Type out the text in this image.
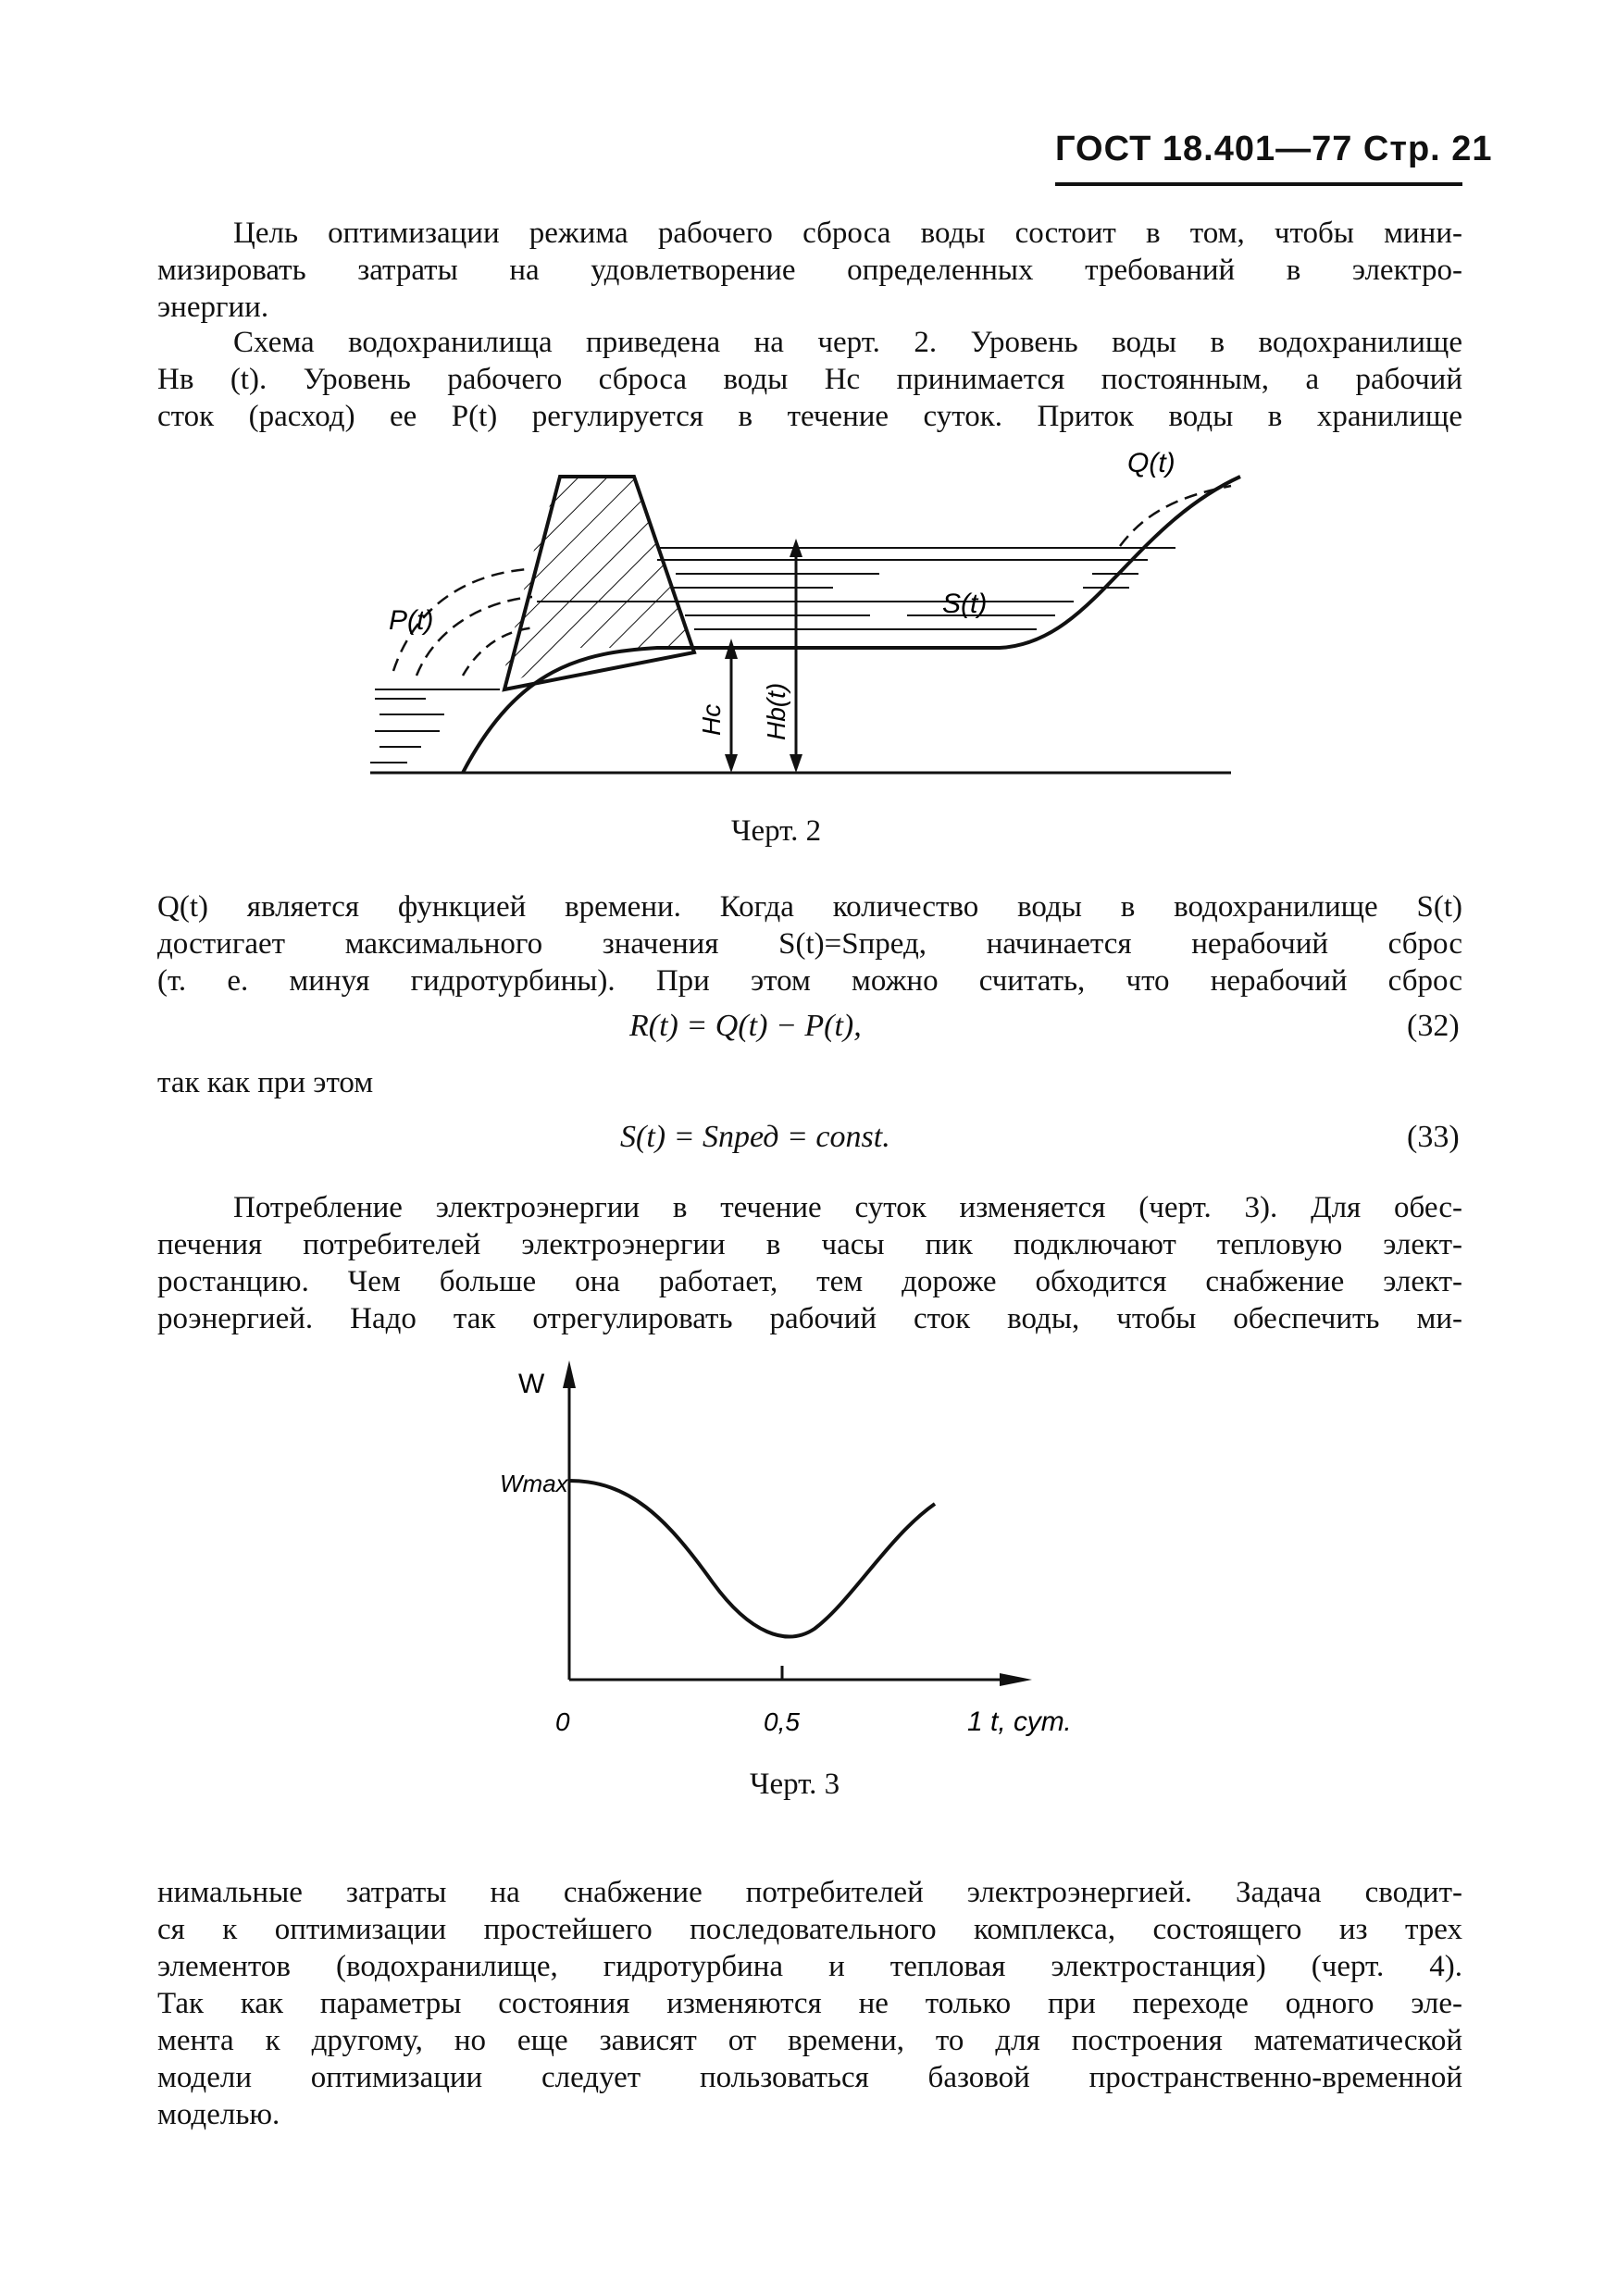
ГОСТ 18.401—77 Стр. 21
Цель оптимизации режима рабочего сброса воды состоит в том, чтобы мини-
мизировать затраты на удовлетворение определенных требований в электро-
энергии.
Схема водохранилища приведена на черт. 2. Уровень воды в водохранилище
Hв (t). Уровень рабочего сброса воды Hс принимается постоянным, а рабочий
сток (расход) ее P(t) регулируется в течение суток. Приток воды в хранилище
Q(t)
S(t)
P(t)
Hс Hb(t)
Черт. 2
Q(t) является функцией времени. Когда количество воды в водохранилище S(t)
достигает максимального значения S(t)=Sпред, начинается нерабочий сброс
(т. е. минуя гидротурбины). При этом можно считать, что нерабочий сброс
R(t) = Q(t) − P(t),	(32)
так как при этом
S(t) = Sпред = const.	(33)
Потребление электроэнергии в течение суток изменяется (черт. 3). Для обес-
печения потребителей электроэнергии в часы пик подключают тепловую элект-
ростанцию. Чем больше она работает, тем дороже обходится снабжение элект-
роэнергией. Надо так отрегулировать рабочий сток воды, чтобы обеспечить ми-
W
Wmax
0	0,5	1 t, сут.
Черт. 3
нимальные затраты на снабжение потребителей электроэнергией. Задача сводит-
ся к оптимизации простейшего последовательного комплекса, состоящего из трех
элементов (водохранилище, гидротурбина и тепловая электростанция) (черт. 4).
Так как параметры состояния изменяются не только при переходе одного эле-
мента к другому, но еще зависят от времени, то для построения математической
модели оптимизации следует пользоваться базовой пространственно-временной
моделью.
